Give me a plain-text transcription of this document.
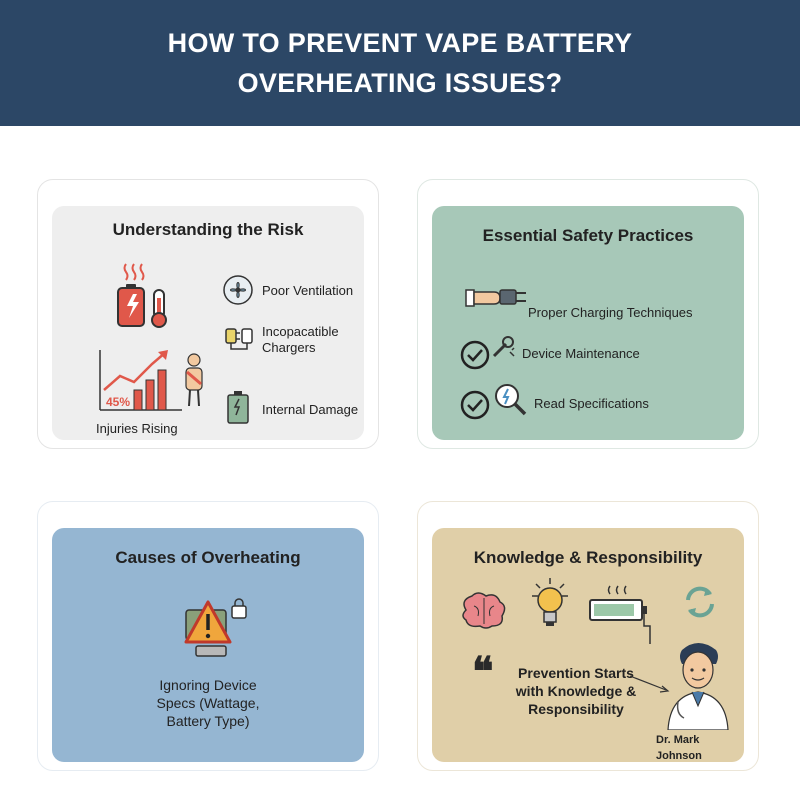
HOW TO PREVENT VAPE BATTERY OVERHEATING ISSUES?
Understanding the Risk
Poor Ventilation
Incopacatible Chargers
Internal Damage
45%
Injuries Rising
Essential Safety Practices
Proper Charging Techniques
Device Maintenance
Read Specifications
Causes of Overheating
Ignoring Device Specs (Wattage, Battery Type)
Knowledge & Responsibility
❝	Prevention Starts with Knowledge & Responsibility
Dr. Mark Johnson
